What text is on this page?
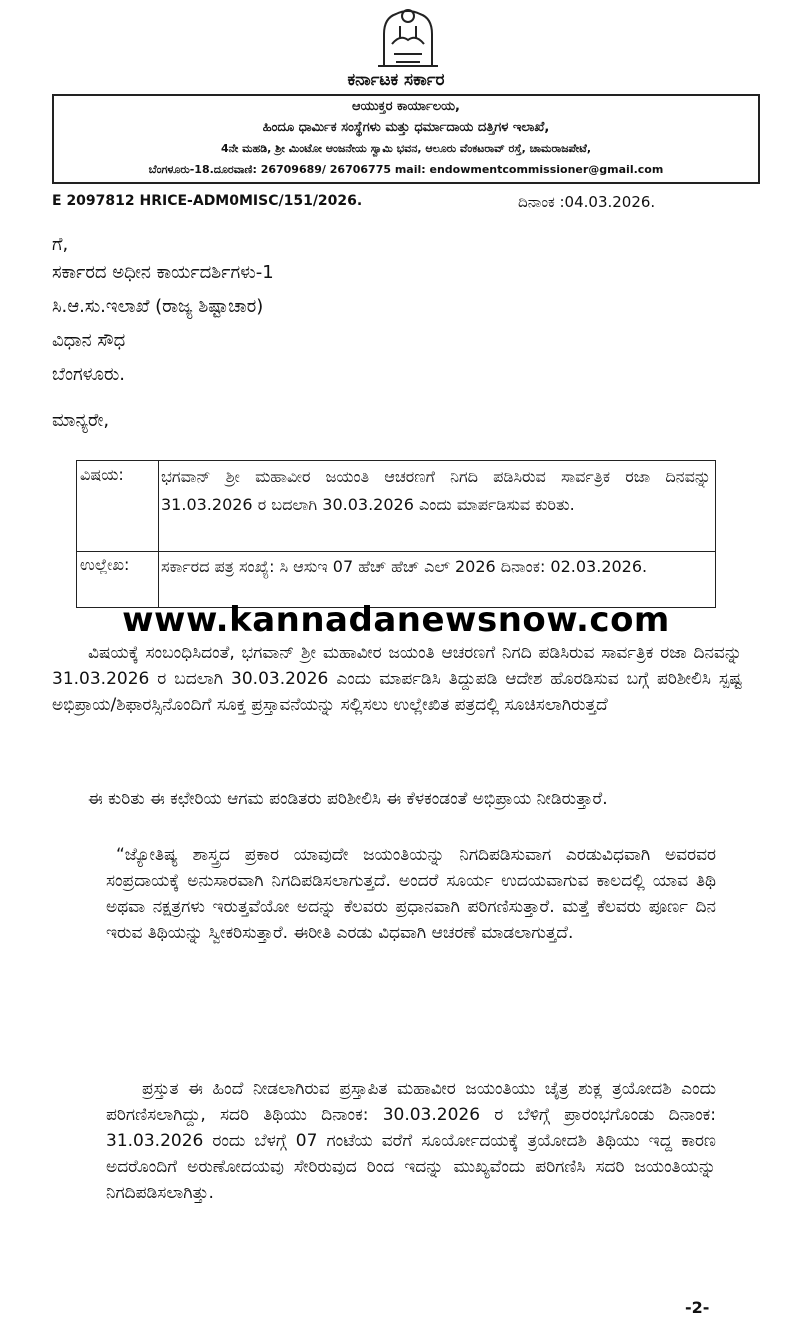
ಕರ್ನಾಟಕ ಸರ್ಕಾರ
ಆಯುಕ್ತರ ಕಾರ್ಯಾಲಯ,
ಹಿಂದೂ ಧಾರ್ಮಿಕ ಸಂಸ್ಥೆಗಳು ಮತ್ತು ಧರ್ಮಾದಾಯ ದತ್ತಿಗಳ ಇಲಾಖೆ,
4ನೇ ಮಹಡಿ, ಶ್ರೀ ಮಿಂಟೋ ಆಂಜನೇಯ ಸ್ವಾಮಿ ಭವನ, ಆಲೂರು ವೆಂಕಟರಾವ್ ರಸ್ತೆ, ಚಾಮರಾಜಪೇಟೆ,
ಬೆಂಗಳೂರು-18.ದೂರವಾಣಿ: 26709689/ 26706775 mail: endowmentcommissioner@gmail.com
E 2097812 HRICE-ADM0MISC/151/2026.	ದಿನಾಂಕ :04.03.2026.
ಗೆ,
ಸರ್ಕಾರದ ಅಧೀನ ಕಾರ್ಯದರ್ಶಿಗಳು-1
ಸಿ.ಆ.ಸು.ಇಲಾಖೆ (ರಾಜ್ಯ ಶಿಷ್ಟಾಚಾರ)
ವಿಧಾನ ಸೌಧ
ಬೆಂಗಳೂರು.
ಮಾನ್ಯರೇ,
ವಿಷಯ:	ಭಗವಾನ್ ಶ್ರೀ ಮಹಾವೀರ ಜಯಂತಿ ಆಚರಣಗೆ ನಿಗದಿ ಪಡಿಸಿರುವ ಸಾರ್ವತ್ರಿಕ ರಜಾ ದಿನವನ್ನು 31.03.2026 ರ ಬದಲಾಗಿ 30.03.2026 ಎಂದು ಮಾರ್ಪಡಿಸುವ ಕುರಿತು.
ಉಲ್ಲೇಖ:	ಸರ್ಕಾರದ ಪತ್ರ ಸಂಖ್ಯೆ: ಸಿ ಆಸುಇ 07 ಹೆಚ್ ಹೆಚ್ ಎಲ್ 2026 ದಿನಾಂಕ: 02.03.2026.
www.kannadanewsnow.com
ವಿಷಯಕ್ಕೆ ಸಂಬಂಧಿಸಿದಂತೆ, ಭಗವಾನ್ ಶ್ರೀ ಮಹಾವೀರ ಜಯಂತಿ ಆಚರಣಗೆ ನಿಗದಿ ಪಡಿಸಿರುವ ಸಾರ್ವತ್ರಿಕ ರಜಾ ದಿನವನ್ನು 31.03.2026 ರ ಬದಲಾಗಿ 30.03.2026 ಎಂದು ಮಾರ್ಪಡಿಸಿ ತಿದ್ದುಪಡಿ ಆದೇಶ ಹೊರಡಿಸುವ ಬಗ್ಗೆ ಪರಿಶೀಲಿಸಿ ಸ್ಪಷ್ಟ ಅಭಿಪ್ರಾಯ/ಶಿಫಾರಸ್ಸಿನೊಂದಿಗೆ ಸೂಕ್ತ ಪ್ರಸ್ತಾವನೆಯನ್ನು ಸಲ್ಲಿಸಲು ಉಲ್ಲೇಖಿತ ಪತ್ರದಲ್ಲಿ ಸೂಚಿಸಲಾಗಿರುತ್ತದೆ
ಈ ಕುರಿತು ಈ ಕಛೇರಿಯ ಆಗಮ ಪಂಡಿತರು ಪರಿಶೀಲಿಸಿ ಈ ಕೆಳಕಂಡಂತೆ ಅಭಿಪ್ರಾಯ ನೀಡಿರುತ್ತಾರೆ.
“ಜ್ಯೋತಿಷ್ಯ ಶಾಸ್ತ್ರದ ಪ್ರಕಾರ ಯಾವುದೇ ಜಯಂತಿಯನ್ನು ನಿಗದಿಪಡಿಸುವಾಗ ಎರಡುವಿಧವಾಗಿ ಅವರವರ ಸಂಪ್ರದಾಯಕ್ಕೆ ಅನುಸಾರವಾಗಿ ನಿಗದಿಪಡಿಸಲಾಗುತ್ತದೆ. ಅಂದರೆ ಸೂರ್ಯ ಉದಯವಾಗುವ ಕಾಲದಲ್ಲಿ ಯಾವ ತಿಥಿ ಅಥವಾ ನಕ್ಷತ್ರಗಳು ಇರುತ್ತವೆಯೋ ಅದನ್ನು ಕೆಲವರು ಪ್ರಧಾನವಾಗಿ ಪರಿಗಣಿಸುತ್ತಾರೆ. ಮತ್ತೆ ಕೆಲವರು ಪೂರ್ಣ ದಿನ ಇರುವ ತಿಥಿಯನ್ನು ಸ್ವೀಕರಿಸುತ್ತಾರೆ. ಈರೀತಿ ಎರಡು ವಿಧವಾಗಿ ಆಚರಣೆ ಮಾಡಲಾಗುತ್ತದೆ.
ಪ್ರಸ್ತುತ ಈ ಹಿಂದೆ ನೀಡಲಾಗಿರುವ ಪ್ರಸ್ತಾಪಿತ ಮಹಾವೀರ ಜಯಂತಿಯು ಚೈತ್ರ ಶುಕ್ಲ ತ್ರಯೋದಶಿ ಎಂದು ಪರಿಗಣಿಸಲಾಗಿದ್ದು, ಸದರಿ ತಿಥಿಯು ದಿನಾಂಕ: 30.03.2026 ರ ಬೆಳಿಗ್ಗೆ ಪ್ರಾರಂಭಗೊಂಡು ದಿನಾಂಕ: 31.03.2026 ರಂದು ಬೆಳಗ್ಗೆ 07 ಗಂಟೆಯ ವರೆಗೆ ಸೂರ್ಯೋದಯಕ್ಕೆ ತ್ರಯೋದಶಿ ತಿಥಿಯು ಇದ್ದ ಕಾರಣ ಅದರೊಂದಿಗೆ ಅರುಣೋದಯವು ಸೇರಿರುವುದ ರಿಂದ ಇದನ್ನು ಮುಖ್ಯವೆಂದು ಪರಿಗಣಿಸಿ ಸದರಿ ಜಯಂತಿಯನ್ನು ನಿಗದಿಪಡಿಸಲಾಗಿತ್ತು.
-2-
